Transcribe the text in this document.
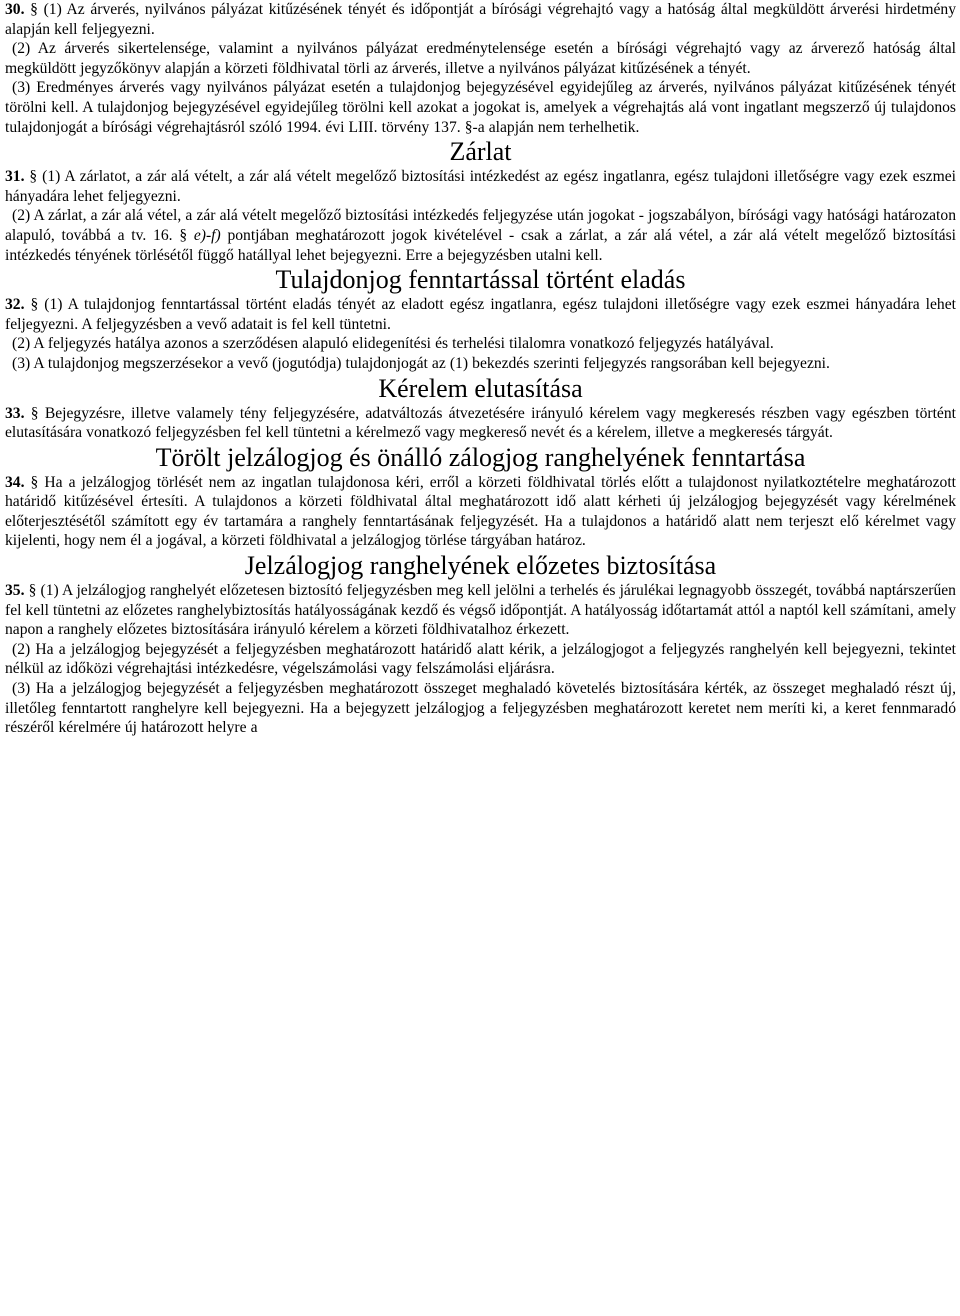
30. § (1) Az árverés, nyilvános pályázat kitűzésének tényét és időpontját a bírósági végrehajtó vagy a hatóság által megküldött árverési hirdetmény alapján kell feljegyezni.

(2) Az árverés sikertelensége, valamint a nyilvános pályázat eredménytelensége esetén a bírósági végrehajtó vagy az árverező hatóság által megküldött jegyzőkönyv alapján a körzeti földhivatal törli az árverés, illetve a nyilvános pályázat kitűzésének a tényét.

(3) Eredményes árverés vagy nyilvános pályázat esetén a tulajdonjog bejegyzésével egyidejűleg az árverés, nyilvános pályázat kitűzésének tényét törölni kell. A tulajdonjog bejegyzésével egyidejűleg törölni kell azokat a jogokat is, amelyek a végrehajtás alá vont ingatlant megszerző új tulajdonos tulajdonjogát a bírósági végrehajtásról szóló 1994. évi LIII. törvény 137. §-a alapján nem terhelhetik.

Zárlat

31. § (1) A zárlatot, a zár alá vételt, a zár alá vételt megelőző biztosítási intézkedést az egész ingatlanra, egész tulajdoni illetőségre vagy ezek eszmei hányadára lehet feljegyezni.

(2) A zárlat, a zár alá vétel, a zár alá vételt megelőző biztosítási intézkedés feljegyzése után jogokat - jogszabályon, bírósági vagy hatósági határozaton alapuló, továbbá a tv. 16. § e)-f) pontjában meghatározott jogok kivételével - csak a zárlat, a zár alá vétel, a zár alá vételt megelőző biztosítási intézkedés tényének törlésétől függő hatállyal lehet bejegyezni. Erre a bejegyzésben utalni kell.

Tulajdonjog fenntartással történt eladás

32. § (1) A tulajdonjog fenntartással történt eladás tényét az eladott egész ingatlanra, egész tulajdoni illetőségre vagy ezek eszmei hányadára lehet feljegyezni. A feljegyzésben a vevő adatait is fel kell tüntetni.

(2) A feljegyzés hatálya azonos a szerződésen alapuló elidegenítési és terhelési tilalomra vonatkozó feljegyzés hatályával.

(3) A tulajdonjog megszerzésekor a vevő (jogutódja) tulajdonjogát az (1) bekezdés szerinti feljegyzés rangsorában kell bejegyezni.

Kérelem elutasítása

33. § Bejegyzésre, illetve valamely tény feljegyzésére, adatváltozás átvezetésére irányuló kérelem vagy megkeresés részben vagy egészben történt elutasítására vonatkozó feljegyzésben fel kell tüntetni a kérelmező vagy megkereső nevét és a kérelem, illetve a megkeresés tárgyát.

Törölt jelzálogjog és önálló zálogjog ranghelyének fenntartása

34. § Ha a jelzálogjog törlését nem az ingatlan tulajdonosa kéri, erről a körzeti földhivatal törlés előtt a tulajdonost nyilatkoztételre meghatározott határidő kitűzésével értesíti. A tulajdonos a körzeti földhivatal által meghatározott idő alatt kérheti új jelzálogjog bejegyzését vagy kérelmének előterjesztésétől számított egy év tartamára a ranghely fenntartásának feljegyzését. Ha a tulajdonos a határidő alatt nem terjeszt elő kérelmet vagy kijelenti, hogy nem él a jogával, a körzeti földhivatal a jelzálogjog törlése tárgyában határoz.

Jelzálogjog ranghelyének előzetes biztosítása

35. § (1) A jelzálogjog ranghelyét előzetesen biztosító feljegyzésben meg kell jelölni a terhelés és járulékai legnagyobb összegét, továbbá naptárszerűen fel kell tüntetni az előzetes ranghelybiztosítás hatályosságának kezdő és végső időpontját. A hatályosság időtartamát attól a naptól kell számítani, amely napon a ranghely előzetes biztosítására irányuló kérelem a körzeti földhivatalhoz érkezett.

(2) Ha a jelzálogjog bejegyzését a feljegyzésben meghatározott határidő alatt kérik, a jelzálogjogot a feljegyzés ranghelyén kell bejegyezni, tekintet nélkül az időközi végrehajtási intézkedésre, végelszámolási vagy felszámolási eljárásra.

(3) Ha a jelzálogjog bejegyzését a feljegyzésben meghatározott összeget meghaladó követelés biztosítására kérték, az összeget meghaladó részt új, illetőleg fenntartott ranghelyre kell bejegyezni. Ha a bejegyzett jelzálogjog a feljegyzésben meghatározott keretet nem meríti ki, a keret fennmaradó részéről kérelmére új határozott helyre a
